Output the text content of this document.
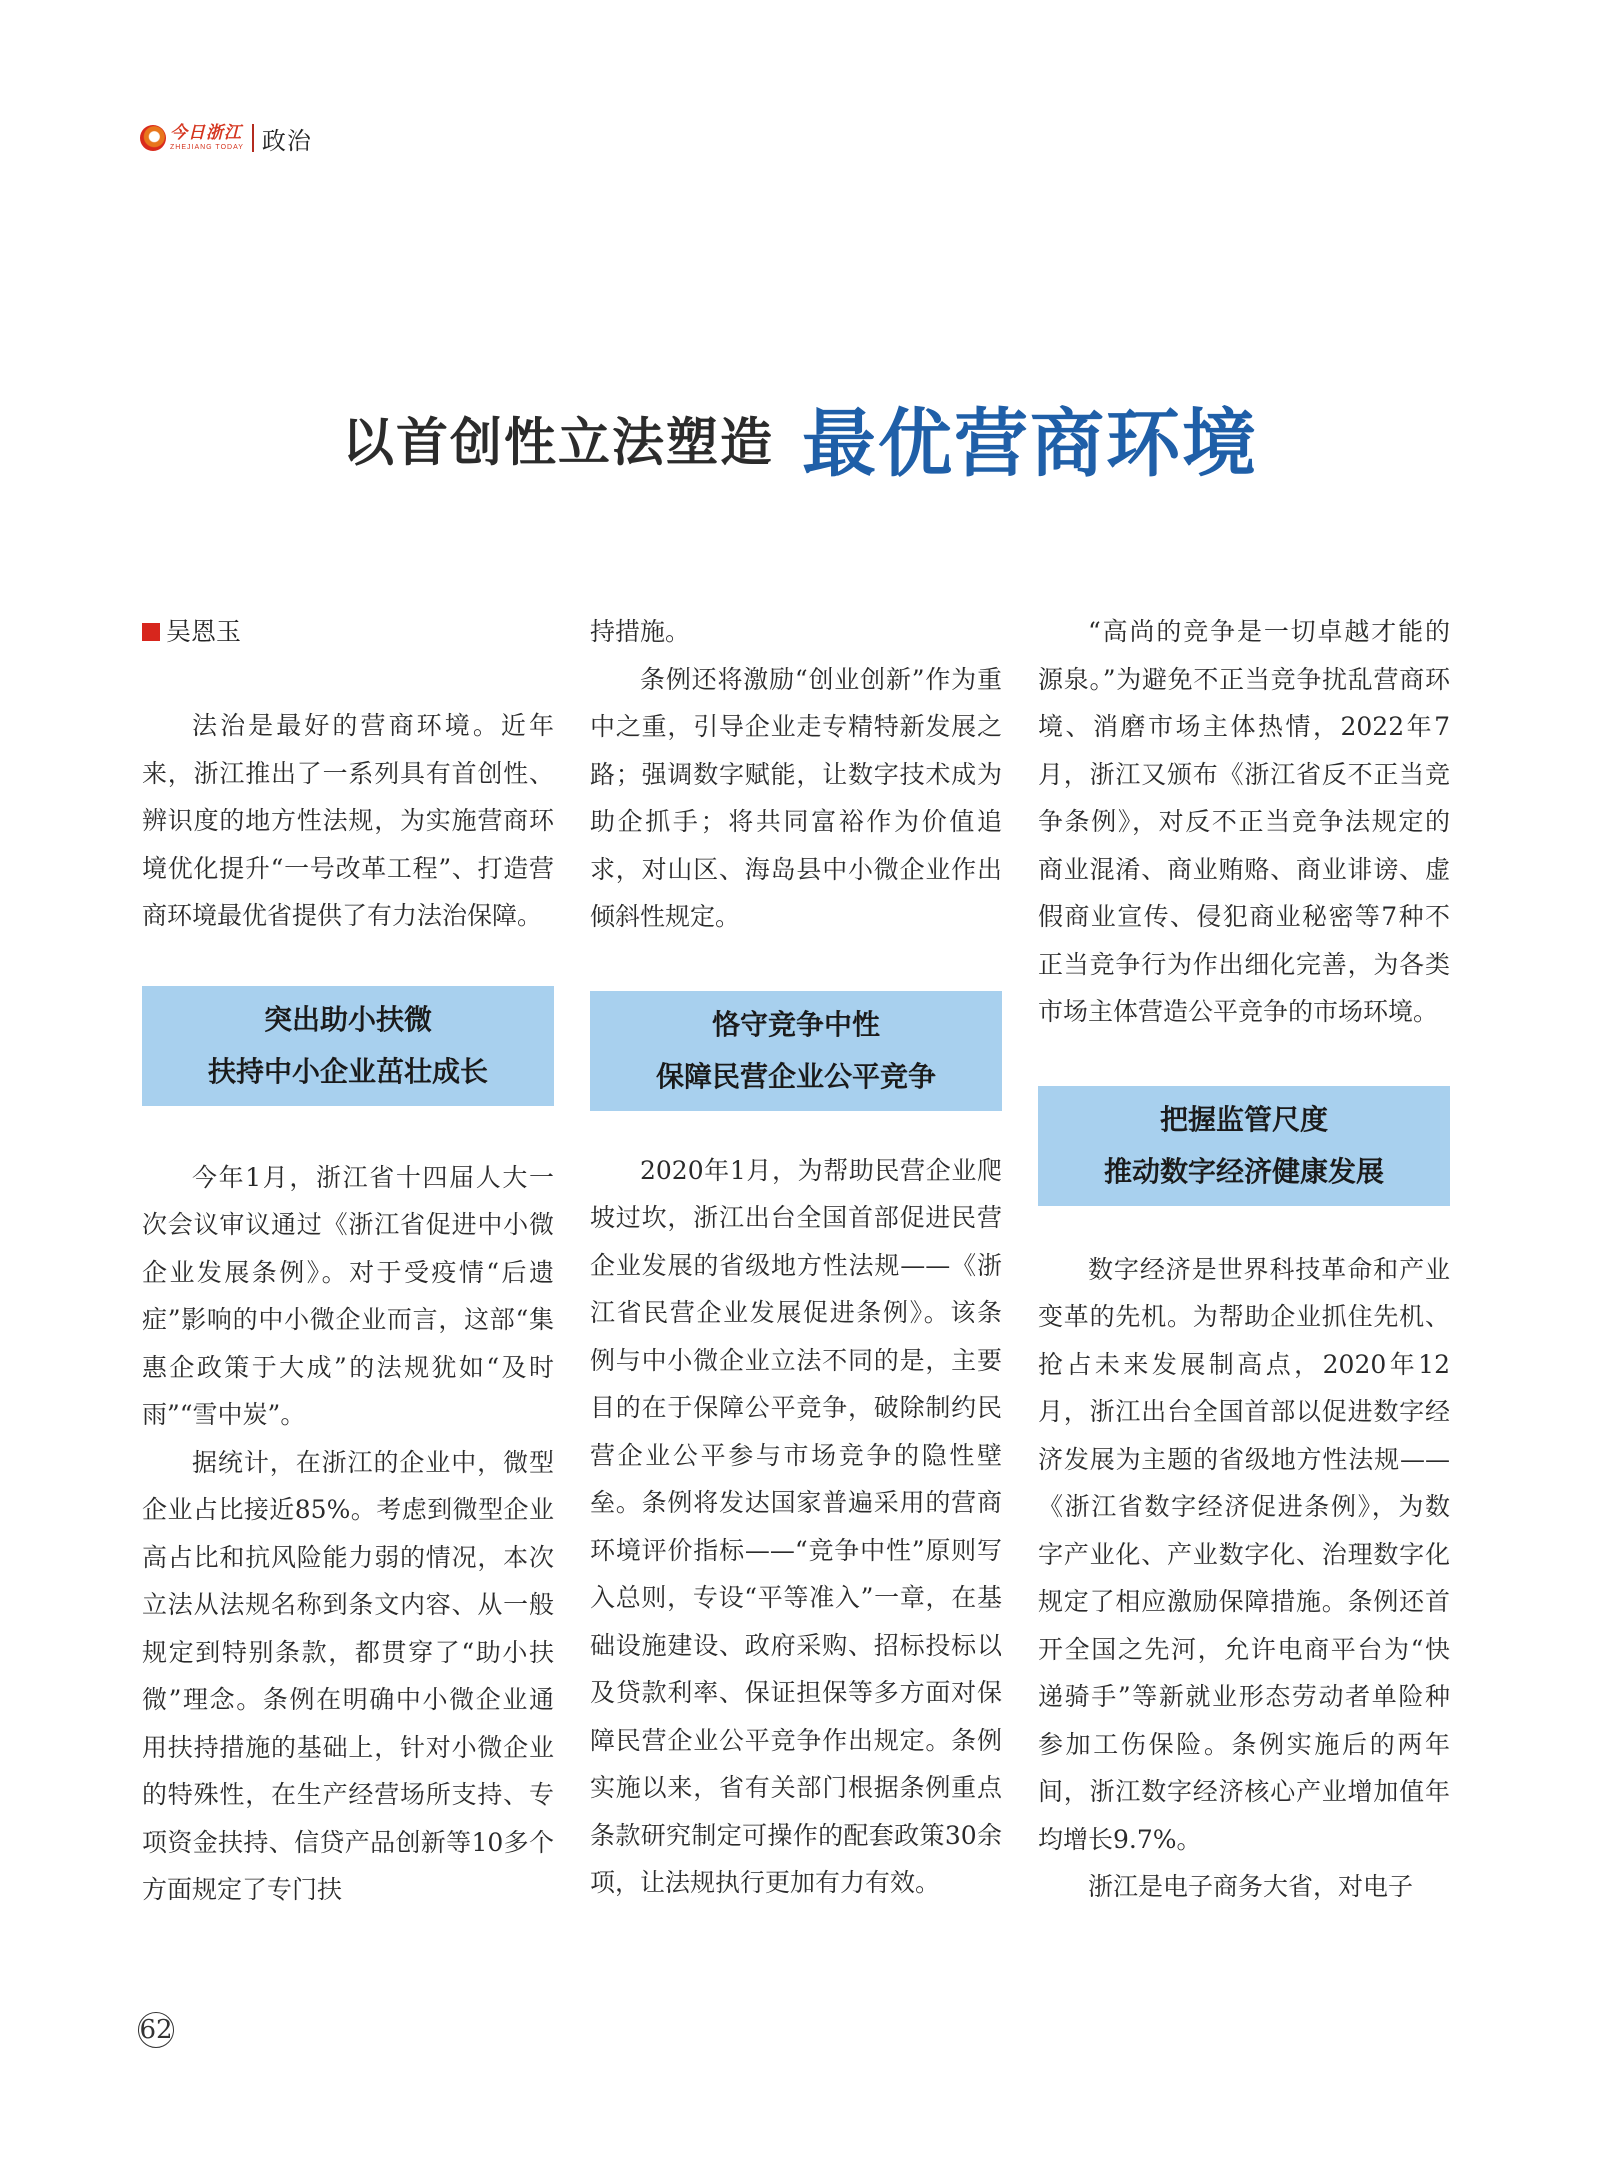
今日浙江
ZHEJIANG TODAY 政治
以首创性立法塑造 最优营商环境
吴恩玉

法治是最好的营商环境。近年来，浙江推出了一系列具有首创性、辨识度的地方性法规，为实施营商环境优化提升“一号改革工程”、打造营商环境最优省提供了有力法治保障。

突出助小扶微
扶持中小企业茁壮成长

今年1月，浙江省十四届人大一次会议审议通过《浙江省促进中小微企业发展条例》。对于受疫情“后遗症”影响的中小微企业而言，这部“集惠企政策于大成”的法规犹如“及时雨”“雪中炭”。

据统计，在浙江的企业中，微型企业占比接近85%。考虑到微型企业高占比和抗风险能力弱的情况，本次立法从法规名称到条文内容、从一般规定到特别条款，都贯穿了“助小扶微”理念。条例在明确中小微企业通用扶持措施的基础上，针对小微企业的特殊性，在生产经营场所支持、专项资金扶持、信贷产品创新等10多个方面规定了专门扶

持措施。

条例还将激励“创业创新”作为重中之重，引导企业走专精特新发展之路；强调数字赋能，让数字技术成为助企抓手；将共同富裕作为价值追求，对山区、海岛县中小微企业作出倾斜性规定。

恪守竞争中性
保障民营企业公平竞争

2020年1月，为帮助民营企业爬坡过坎，浙江出台全国首部促进民营企业发展的省级地方性法规——《浙江省民营企业发展促进条例》。该条例与中小微企业立法不同的是，主要目的在于保障公平竞争，破除制约民营企业公平参与市场竞争的隐性壁垒。条例将发达国家普遍采用的营商环境评价指标——“竞争中性”原则写入总则，专设“平等准入”一章，在基础设施建设、政府采购、招标投标以及贷款利率、保证担保等多方面对保障民营企业公平竞争作出规定。条例实施以来，省有关部门根据条例重点条款研究制定可操作的配套政策30余项，让法规执行更加有力有效。

“高尚的竞争是一切卓越才能的源泉。”为避免不正当竞争扰乱营商环境、消磨市场主体热情，2022年7月，浙江又颁布《浙江省反不正当竞争条例》，对反不正当竞争法规定的商业混淆、商业贿赂、商业诽谤、虚假商业宣传、侵犯商业秘密等7种不正当竞争行为作出细化完善，为各类市场主体营造公平竞争的市场环境。

把握监管尺度
推动数字经济健康发展

数字经济是世界科技革命和产业变革的先机。为帮助企业抓住先机、抢占未来发展制高点，2020年12月，浙江出台全国首部以促进数字经济发展为主题的省级地方性法规——《浙江省数字经济促进条例》，为数字产业化、产业数字化、治理数字化规定了相应激励保障措施。条例还首开全国之先河，允许电商平台为“快递骑手”等新就业形态劳动者单险种参加工伤保险。条例实施后的两年间，浙江数字经济核心产业增加值年均增长9.7%。

浙江是电子商务大省，对电子

62
